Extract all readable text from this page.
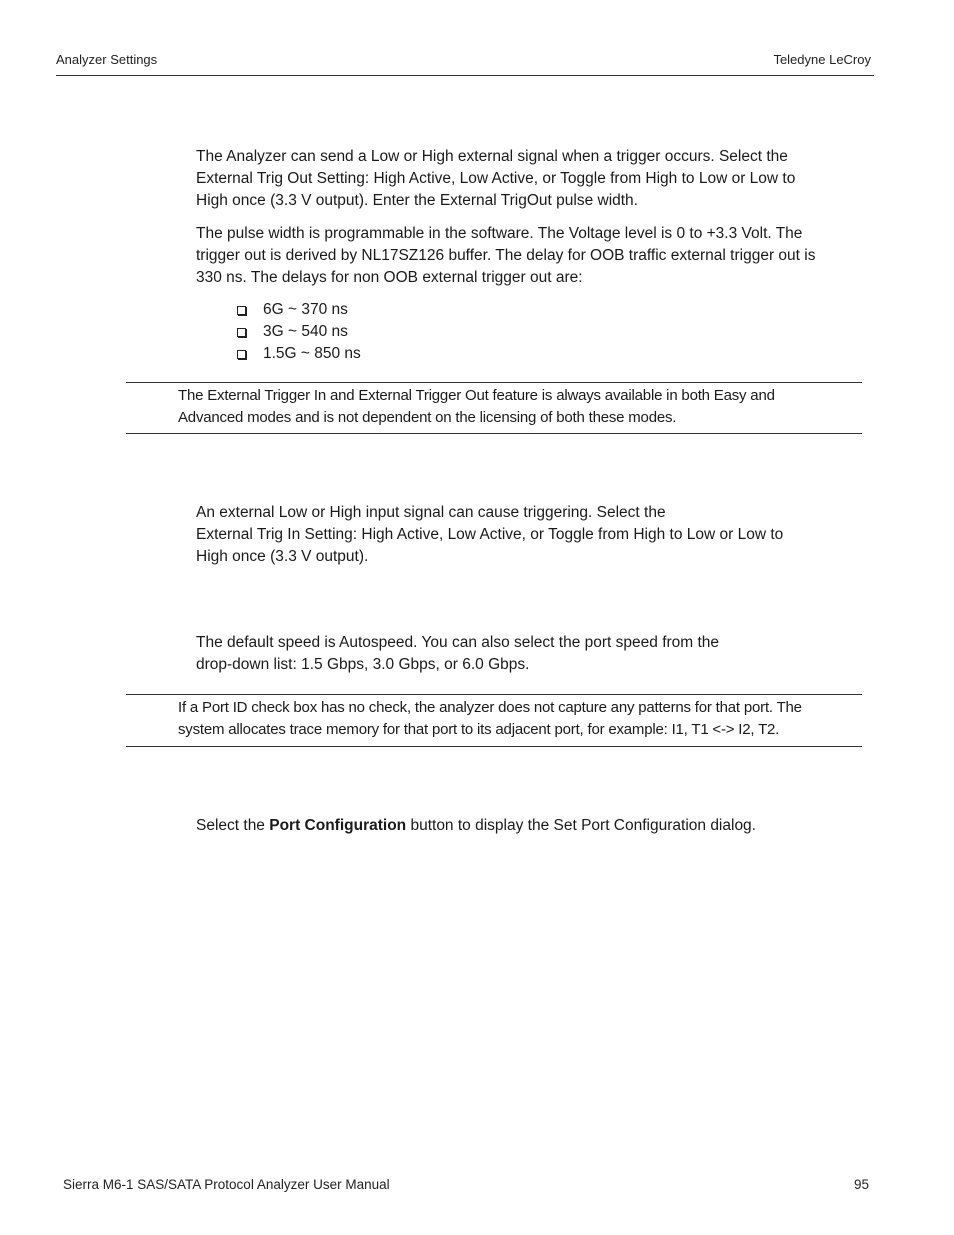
Analyzer Settings	Teledyne LeCroy
The Analyzer can send a Low or High external signal when a trigger occurs. Select the
External Trig Out Setting: High Active, Low Active, or Toggle from High to Low or Low to
High once (3.3 V output). Enter the External TrigOut pulse width.
The pulse width is programmable in the software. The Voltage level is 0 to +3.3 Volt. The
trigger out is derived by NL17SZ126 buffer. The delay for OOB traffic external trigger out is
330 ns. The delays for non OOB external trigger out are:
6G ~ 370 ns
3G ~ 540 ns
1.5G ~ 850 ns
The External Trigger In and External Trigger Out feature is always available in both Easy and
Advanced modes and is not dependent on the licensing of both these modes.
An external Low or High input signal can cause triggering. Select the
External Trig In Setting: High Active, Low Active, or Toggle from High to Low or Low to
High once (3.3 V output).
The default speed is Autospeed. You can also select the port speed from the
drop-down list: 1.5 Gbps, 3.0 Gbps, or 6.0 Gbps.
If a Port ID check box has no check, the analyzer does not capture any patterns for that port. The
system allocates trace memory for that port to its adjacent port, for example: I1, T1 <-> I2, T2.
Select the Port Configuration button to display the Set Port Configuration dialog.
Sierra M6-1 SAS/SATA Protocol Analyzer User Manual	95
